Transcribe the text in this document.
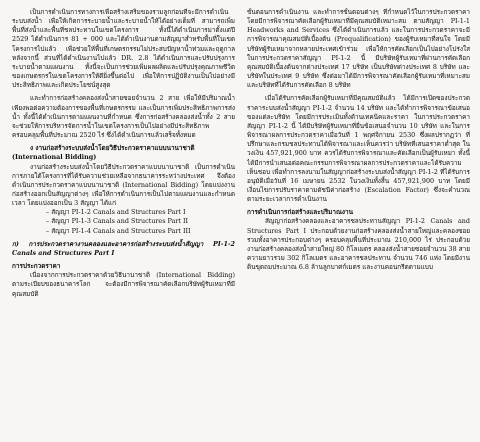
เป็นการดำเนินการทางการเพื่อสร้างเสริมของรามลูกก่อนที่จะมีการดำเนินระบบส่งน้ำ เพื่อให้เกิดการระบายน้ำและระบายน้ำให้ได้อย่างเต็มที่ สามารถเพิ่มพื้นที่ส่งน้ำและพื้นที่ชลประทานในเขตโครงการ ทั้งนี้ได้ดำเนินการมาตั้งแต่ปี 2529 ได้ดำเนินการ 81 + 000 และได้ดำเนินงานตามสัญญาสำหรับพื้นที่ในเขตโครงการไปแล้ว เพื่อช่วยให้พื้นที่เกษตรกรรมไม่ประสบปัญหาน้ำท่วมและฤดูกาลหลังจากนี้ ส่วนที่ได้ดำเนินงานไปแล้ว DR. 2.8 ได้ดำเนินการและปรับปรุงการระบายน้ำตามแผนงาน ทั้งนี้จะเป็นการช่วยเพิ่มผลผลิตและปรับปรุงคุณภาพชีวิตของเกษตรกรในเขตโครงการให้ดียิ่งขึ้นต่อไป เพื่อให้การปฏิบัติงานเป็นไปอย่างมีประสิทธิภาพและเกิดประโยชน์สูงสุด

และทำการก่อสร้างคลองส่งน้ำสายซอยจำนวน 2 สาย เพื่อให้มีปริมาณน้ำเพียงพอต่อความต้องการของพื้นที่เกษตรกรรม และเป็นการเพิ่มประสิทธิภาพการส่งน้ำ ทั้งนี้ได้ดำเนินการตามแผนงานที่กำหนด ซึ่งการก่อสร้างคลองส่งน้ำทั้ง 2 สาย จะช่วยให้การบริหารจัดการน้ำในเขตโครงการเป็นไปอย่างมีประสิทธิภาพ ครอบคลุมพื้นที่ประมาณ 2520 ไร่ ซึ่งได้ดำเนินการแล้วเสร็จทั้งหมด

ง งานก่อสร้างระบบส่งน้ำโดยวิธีประกวดราคาแบบนานาชาติ

(International Bidding)

งานก่อสร้างระบบส่งน้ำโดยวิธีประกวดราคาแบบนานาชาติ เป็นการดำเนินการภายใต้โครงการที่ได้รับความช่วยเหลือจากธนาคารระหว่างประเทศ จึงต้องดำเนินการประกวดราคาแบบนานาชาติ (International Bidding) โดยแบ่งงานก่อสร้างออกเป็นสัญญาต่างๆ เพื่อให้การดำเนินการเป็นไปตามแผนงานและกำหนดเวลา โดยแบ่งออกเป็น 3 สัญญา ได้แก่

– สัญญา PI-1-2 Canals and Structures Part I
– สัญญา PI-1-3 Canals and Structures Part II
– สัญญา PI-1-4 Canals and Structures Part III

ก) การประกวดราคางานคลองและอาคารก่อสร้างระบบส่งน้ำสัญญา PI-1-2 Canals and Structures Part I

การประกวดราคา

เนื่องจากการประกวดราคาด้วยวิธีนานาชาติ (International Bidding) ตามระเบียบของธนาคารโลก จะต้องมีการพิจารณาคัดเลือกบริษัทผู้รับเหมาที่มีคุณสมบัติ

ขั้นตอนการดำเนินงาน และทำการขั้นตอนต่างๆ ที่กำหนดไว้ในการประกวดราคา โดยมีการพิจารณาคัดเลือกผู้รับเหมาที่มีคุณสมบัติเหมาะสม ตามสัญญา PI-1-1 Headworks and Services ซึ่งได้ดำเนินการแล้ว และในการประกวดราคาจะมีการพิจารณาคุณสมบัติเบื้องต้น (Prequalification) ของผู้รับเหมาที่สนใจ โดยมีบริษัทผู้รับเหมาจากหลายประเทศเข้าร่วม เพื่อให้การคัดเลือกเป็นไปอย่างโปร่งใส ในการประกวดราคาสัญญา PI-1-2 นี้ มีบริษัทผู้รับเหมาที่ผ่านการคัดเลือกคุณสมบัติเบื้องต้นจากต่างประเทศ 17 บริษัท เป็นบริษัทต่างประเทศ 8 บริษัท และบริษัทในประเทศ 9 บริษัท ซึ่งต่อมาได้มีการพิจารณาคัดเลือกผู้รับเหมาที่เหมาะสม และบริษัทที่ได้รับการคัดเลือก 8 บริษัท

เมื่อได้รับการคัดเลือกผู้รับเหมาที่มีคุณสมบัติแล้ว ได้มีการเปิดซองประกวดราคาระบบส่งน้ำสัญญา PI-1-2 จำนวน 14 บริษัท และได้ทำการพิจารณาข้อเสนอของแต่ละบริษัท โดยมีการประเมินทั้งด้านเทคนิคและราคา ในการประกวดราคาสัญญา PI-1-2 นี้ ได้มีบริษัทผู้รับเหมาที่ยื่นข้อเสนอจำนวน 10 บริษัท และในการพิจารณาผลการประกวดราคาเมื่อวันที่ 1 พฤศจิกายน 2530 ซึ่งผลปรากฏว่า ที่ปรึกษาและกรมชลประทานได้พิจารณาและเห็นควรว่า บริษัทที่เสนอราคาต่ำสุด ในวงเงิน 457,921,900 บาท ควรได้รับการพิจารณาและคัดเลือกเป็นผู้รับเหมา ทั้งนี้ได้มีการนำเสนอต่อคณะกรรมการพิจารณาผลการประกวดราคาและได้รับความเห็นชอบ เพื่อทำการลงนามในสัญญาก่อสร้างระบบส่งน้ำสัญญา PI-1-2 ที่ได้รับการอนุมัติเมื่อวันที่ 16 เมษายน 2532 ในวงเงินทั้งสิ้น 457,921,900 บาท โดยมีเงื่อนไขการปรับราคาตามดัชนีค่าก่อสร้าง (Escalation Factor) ซึ่งจะคำนวณตามระยะเวลาการดำเนินงาน

การดำเนินการก่อสร้างและปริมาณงาน

สัญญาก่อสร้างคลองและอาคารชลประทานสัญญา PI-1-2 Canals and Structures Part I ประกอบด้วยงานก่อสร้างคลองส่งน้ำสายใหญ่และคลองซอย รวมทั้งอาคารประกอบต่างๆ ครอบคลุมพื้นที่ประมาณ 210,000 ไร่ ประกอบด้วยงานก่อสร้างคลองส่งน้ำสายใหญ่ 80 กิโลเมตร คลองส่งน้ำสายซอยจำนวน 38 สาย ความยาวรวม 302 กิโลเมตร และอาคารชลประทาน จำนวน 746 แห่ง โดยมีงานดินขุดถมประมาณ 6.8 ล้านลูกบาศก์เมตร และงานคอนกรีตตามแบบ
